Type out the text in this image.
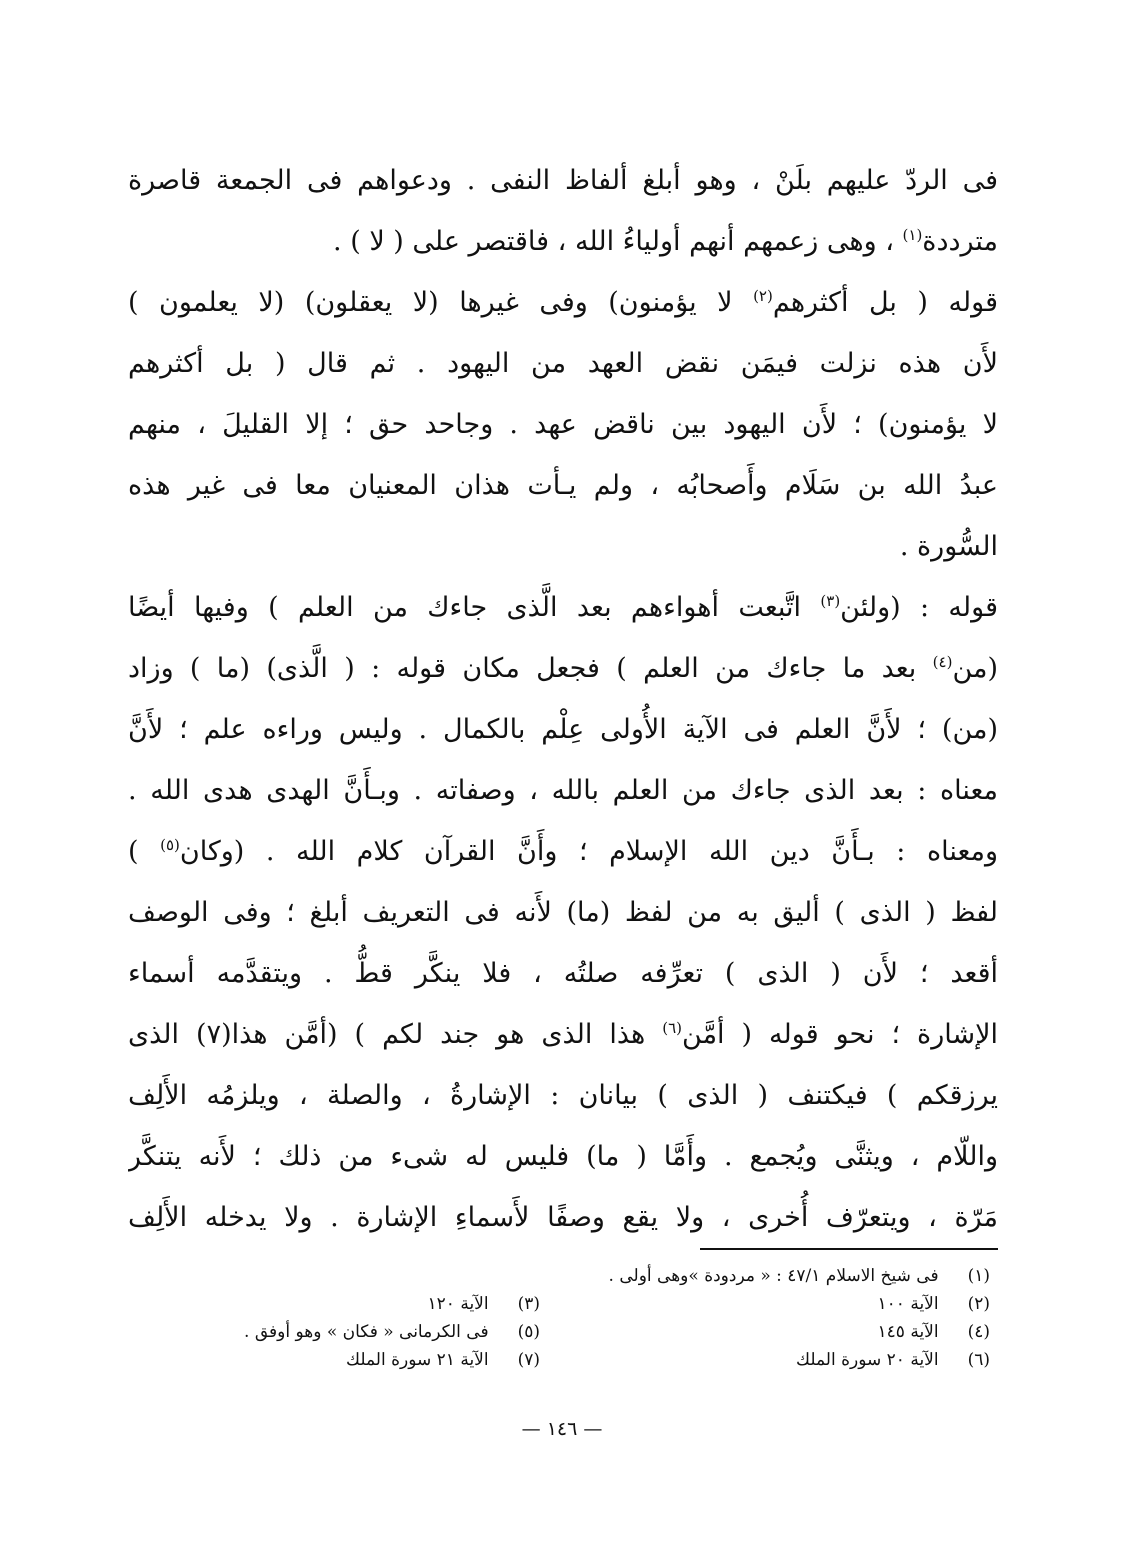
فى الردّ عليهم بلَنْ ، وهو أبلغ ألفاظ النفى . ودعواهم فى الجمعة قاصرة
مترددة$^{(١)}$ ، وهى زعمهم أنهم أولياءُ الله ، فاقتصر على ( لا ) .
قوله ( بل أكثرهم$^{(٢)}$ لا يؤمنون) وفى غيرها (لا يعقلون) (لا يعلمون )
لأَن هذه نزلت فيمَن نقض العهد من اليهود . ثم قال ( بل أكثرهم
لا يؤمنون) ؛ لأَن اليهود بين ناقض عهد . وجاحد حق ؛ إلا القليلَ ، منهم
عبدُ الله بن سَلَام وأَصحابُه ، ولم يـأت هذان المعنيان معا فى غير هذه
السُّورة .
قوله : (ولئن$^{(٣)}$ اتَّبعت أهواءهم بعد الَّذى جاءك من العلم ) وفيها أيضًا
(من$^{(٤)}$ بعد ما جاءك من العلم ) فجعل مكان قوله : ( الَّذى) (ما ) وزاد
(من) ؛ لأَنَّ العلم فى الآية الأُولى عِلْم بالكمال . وليس وراءه علم ؛ لأَنَّ
معناه : بعد الذى جاءك من العلم بالله ، وصفاته . وبـأَنَّ الهدى هدى الله .
ومعناه : بـأَنَّ دين الله الإسلام ؛ وأَنَّ القرآن كلام الله . (وكان$^{(٥)}$ )
لفظ ( الذى ) أليق به من لفظ (ما) لأَنه فى التعريف أبلغ ؛ وفى الوصف
أقعد ؛ لأَن ( الذى ) تعرِّفه صلتُه ، فلا ينكَّر قطُّ . ويتقدَّمه أسماء
الإشارة ؛ نحو قوله ( أمَّن$^{(٦)}$ هذا الذى هو جند لكم ) (أمَّن هذا(٧) الذى
يرزقكم ) فيكتنف ( الذى ) بيانان : الإشارةُ ، والصلة ، ويلزمُه الأَلِف
واللّام ، ويثنَّى ويُجمع . وأَمَّا ( ما) فليس له شىء من ذلك ؛ لأَنه يتنكَّر
مَرّة ، ويتعرّف أُخرى ، ولا يقع وصفًا لأَسماءِ الإشارة . ولا يدخله الأَلِف
(١) فى شيخ الاسلام ٤٧/١ : « مردودة »وهى أولى .
(٢) الآية ١٠٠
(٣) الآية ١٢٠
(٤) الآية ١٤٥
(٥) فى الكرمانى « فكان » وهو أوفق .
(٦) الآية ٢٠ سورة الملك
(٧) الآية ٢١ سورة الملك
— ١٤٦ —
